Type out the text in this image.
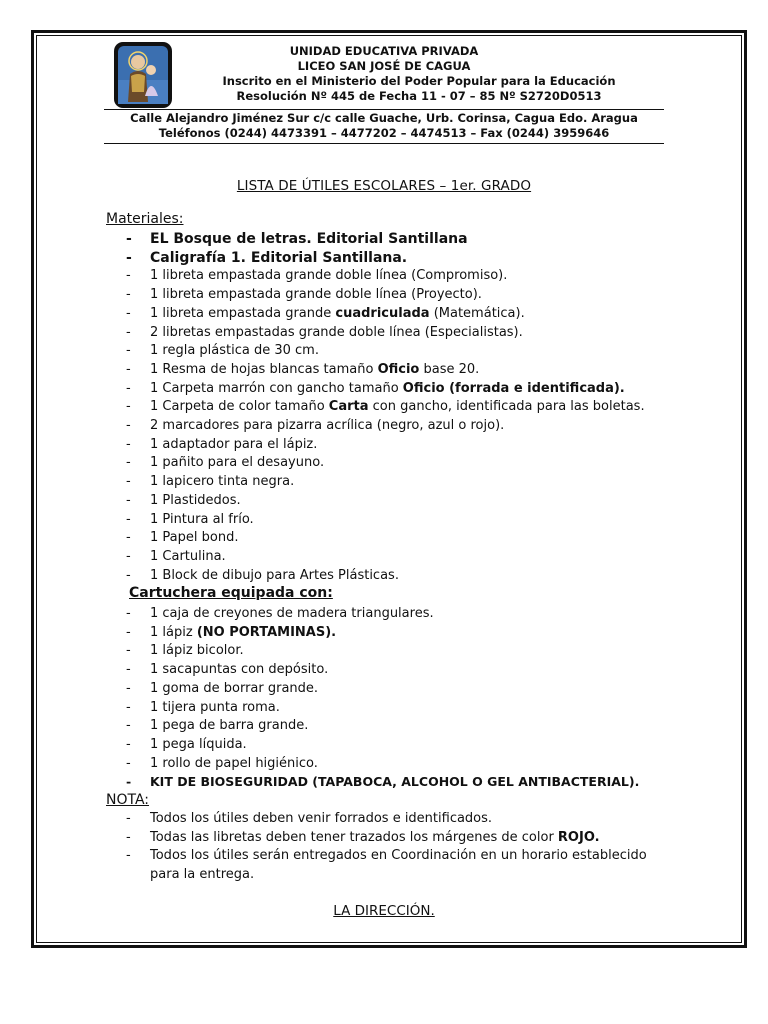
UNIDAD EDUCATIVA PRIVADA
LICEO SAN JOSÉ DE CAGUA
Inscrito en el Ministerio del Poder Popular para la Educación
Resolución Nº 445 de Fecha 11 - 07 – 85 Nº S2720D0513
Calle Alejandro Jiménez Sur c/c calle Guache, Urb. Corinsa, Cagua Edo. Aragua
Teléfonos (0244) 4473391 – 4477202 – 4474513 – Fax (0244) 3959646
LISTA DE ÚTILES ESCOLARES – 1er. GRADO
Materiales:
- EL Bosque de letras. Editorial Santillana
- Caligrafía 1. Editorial Santillana.
- 1 libreta empastada grande doble línea (Compromiso).
- 1 libreta empastada grande doble línea (Proyecto).
- 1 libreta empastada grande cuadriculada (Matemática).
- 2 libretas empastadas grande doble línea (Especialistas).
- 1 regla plástica de 30 cm.
- 1 Resma de hojas blancas tamaño Oficio base 20.
- 1 Carpeta marrón con gancho tamaño Oficio (forrada e identificada).
- 1 Carpeta de color tamaño Carta con gancho, identificada para las boletas.
- 2 marcadores para pizarra acrílica (negro, azul o rojo).
- 1 adaptador para el lápiz.
- 1 pañito para el desayuno.
- 1 lapicero tinta negra.
- 1 Plastidedos.
- 1 Pintura al frío.
- 1 Papel bond.
- 1 Cartulina.
- 1 Block de dibujo para Artes Plásticas.
Cartuchera equipada con:
- 1 caja de creyones de madera triangulares.
- 1 lápiz (NO PORTAMINAS).
- 1 lápiz bicolor.
- 1 sacapuntas con depósito.
- 1 goma de borrar grande.
- 1 tijera punta roma.
- 1 pega de barra grande.
- 1 pega líquida.
- 1 rollo de papel higiénico.
- KIT DE BIOSEGURIDAD (TAPABOCA, ALCOHOL O GEL ANTIBACTERIAL).
NOTA:
- Todos los útiles deben venir forrados e identificados.
- Todas las libretas deben tener trazados los márgenes de color ROJO.
- Todos los útiles serán entregados en Coordinación en un horario establecido para la entrega.
LA DIRECCIÓN.
